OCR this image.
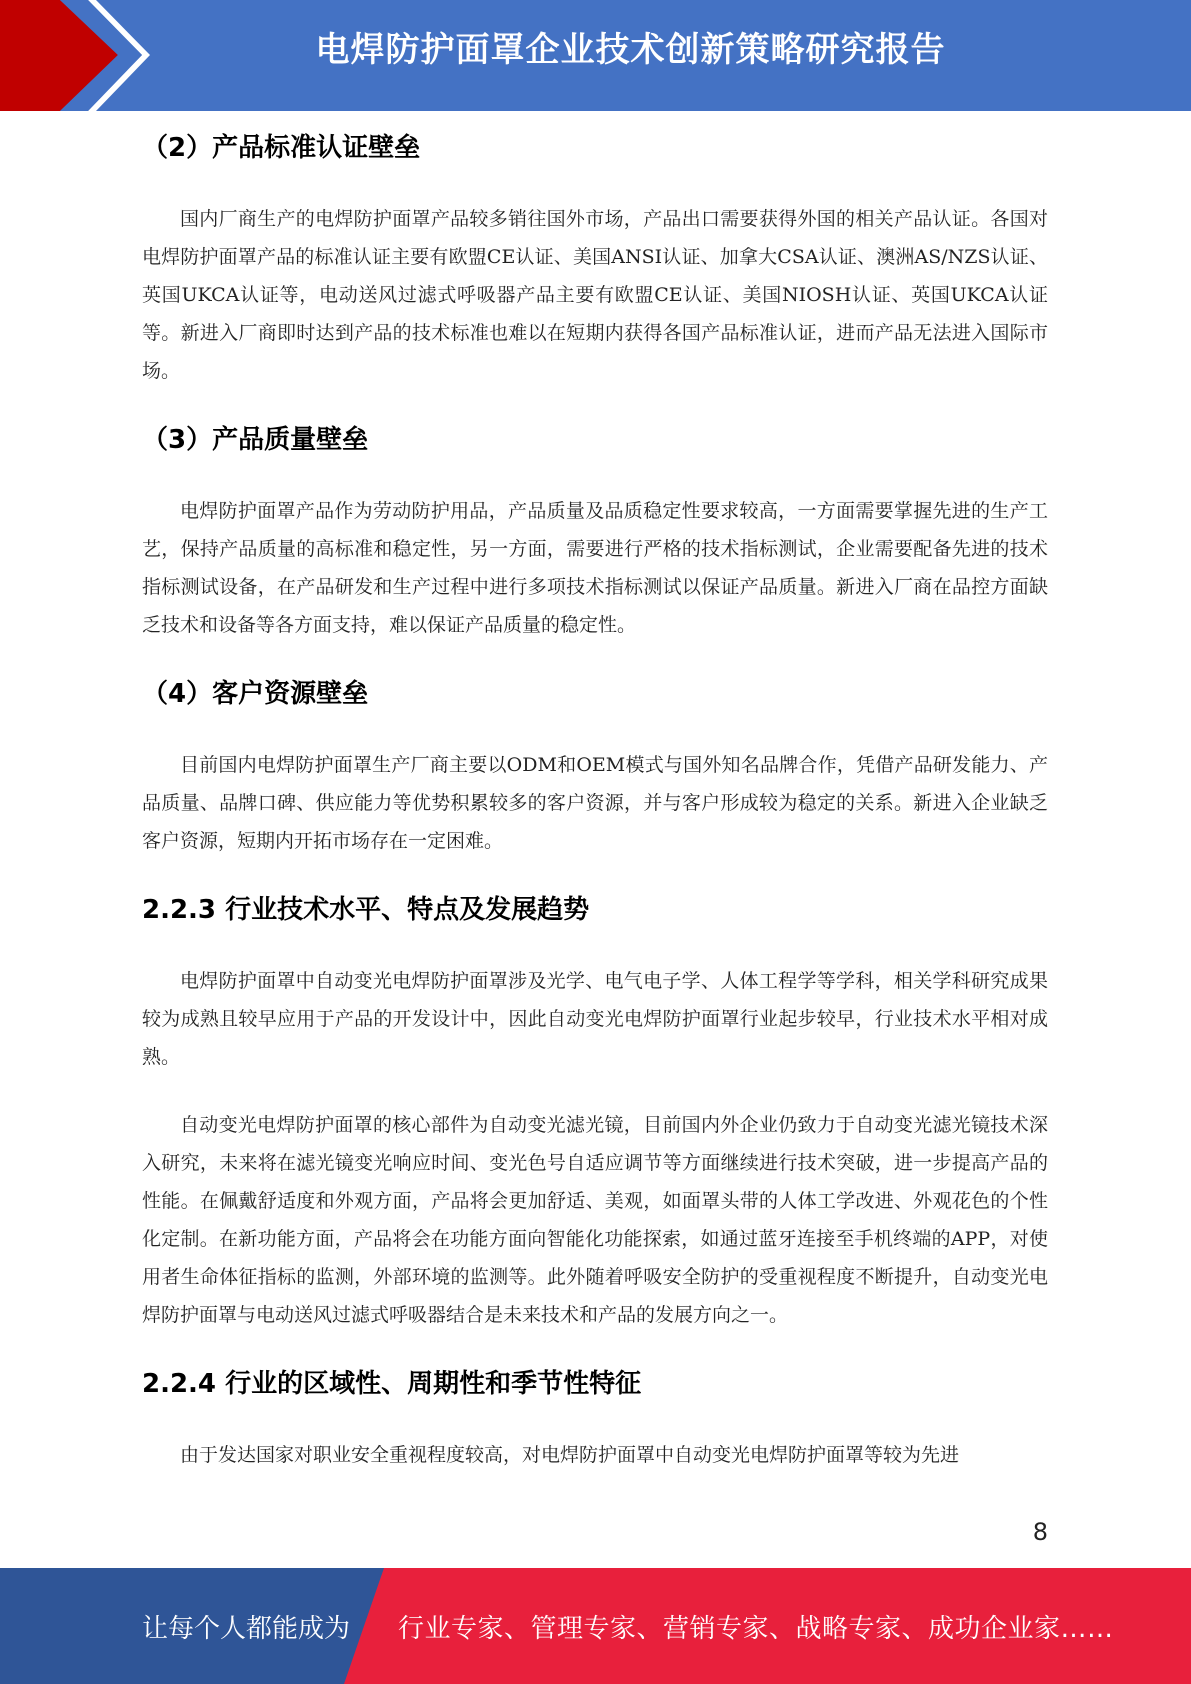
电焊防护面罩企业技术创新策略研究报告
（2）产品标准认证壁垒

国内厂商生产的电焊防护面罩产品较多销往国外市场，产品出口需要获得外国的相关产品认证。各国对电焊防护面罩产品的标准认证主要有欧盟CE认证、美国ANSI认证、加拿大CSA认证、澳洲AS/NZS认证、英国UKCA认证等，电动送风过滤式呼吸器产品主要有欧盟CE认证、美国NIOSH认证、英国UKCA认证等。新进入厂商即时达到产品的技术标准也难以在短期内获得各国产品标准认证，进而产品无法进入国际市场。

（3）产品质量壁垒

电焊防护面罩产品作为劳动防护用品，产品质量及品质稳定性要求较高，一方面需要掌握先进的生产工艺，保持产品质量的高标准和稳定性，另一方面，需要进行严格的技术指标测试，企业需要配备先进的技术指标测试设备，在产品研发和生产过程中进行多项技术指标测试以保证产品质量。新进入厂商在品控方面缺乏技术和设备等各方面支持，难以保证产品质量的稳定性。

（4）客户资源壁垒

目前国内电焊防护面罩生产厂商主要以ODM和OEM模式与国外知名品牌合作，凭借产品研发能力、产品质量、品牌口碑、供应能力等优势积累较多的客户资源，并与客户形成较为稳定的关系。新进入企业缺乏客户资源，短期内开拓市场存在一定困难。

2.2.3 行业技术水平、特点及发展趋势

电焊防护面罩中自动变光电焊防护面罩涉及光学、电气电子学、人体工程学等学科，相关学科研究成果较为成熟且较早应用于产品的开发设计中，因此自动变光电焊防护面罩行业起步较早，行业技术水平相对成熟。

自动变光电焊防护面罩的核心部件为自动变光滤光镜，目前国内外企业仍致力于自动变光滤光镜技术深入研究，未来将在滤光镜变光响应时间、变光色号自适应调节等方面继续进行技术突破，进一步提高产品的性能。在佩戴舒适度和外观方面，产品将会更加舒适、美观，如面罩头带的人体工学改进、外观花色的个性化定制。在新功能方面，产品将会在功能方面向智能化功能探索，如通过蓝牙连接至手机终端的APP，对使用者生命体征指标的监测，外部环境的监测等。此外随着呼吸安全防护的受重视程度不断提升，自动变光电焊防护面罩与电动送风过滤式呼吸器结合是未来技术和产品的发展方向之一。

2.2.4 行业的区域性、周期性和季节性特征

由于发达国家对职业安全重视程度较高，对电焊防护面罩中自动变光电焊防护面罩等较为先进

8
让每个人都能成为 行业专家、管理专家、营销专家、战略专家、成功企业家……
